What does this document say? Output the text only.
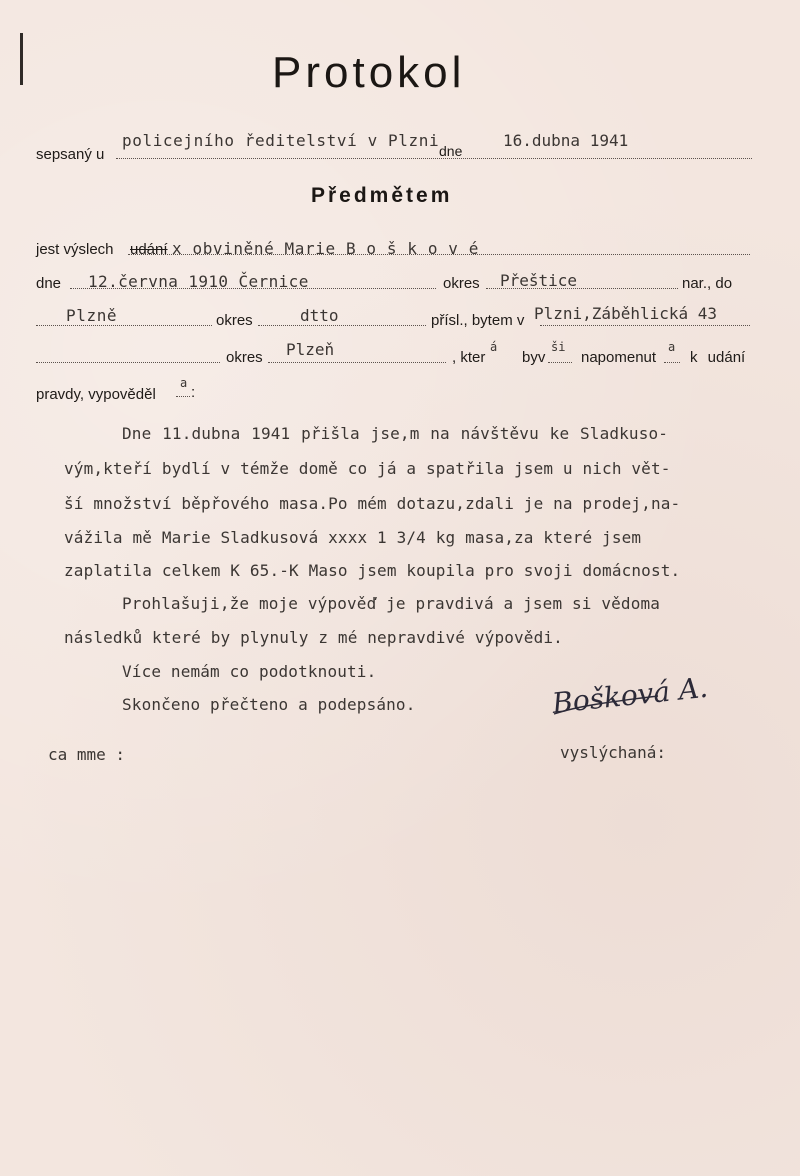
Protokol
sepsaný u
policejního ředitelství v Plzni
dne
16.dubna 1941
Předmětem
jest výslech udání x obviněné Marie B o š k o v é
dne 12.června 1910 Černice	okres Přeštice	nar., do
Plzně	okres	dtto	přísl., bytem v Plzni,Záběhlická 43
okres Plzeň	, kter
á
byv
ši
napomenut
a
k udání
pravdy, vypověděl
a
:
Dne 11.dubna 1941 přišla jse,m na návštěvu ke Sladkuso-
vým,kteří bydlí v témže domě co já a spatřila jsem u nich vět-
ší množství běpřového masa.Po mém dotazu,zdali je na prodej,na-
vážila mě Marie Sladkusová xxxx 1 3/4 kg masa,za které jsem
zaplatila celkem K 65.-K Maso jsem koupila pro svoji domácnost.
Prohlašuji,že moje výpověď je pravdivá a jsem si vědoma
následků které by plynuly z mé nepravdivé výpovědi.
Více nemám co podotknouti.
Skončeno přečteno a podepsáno.	Bošková A.
ca mme :	vyslýchaná:
